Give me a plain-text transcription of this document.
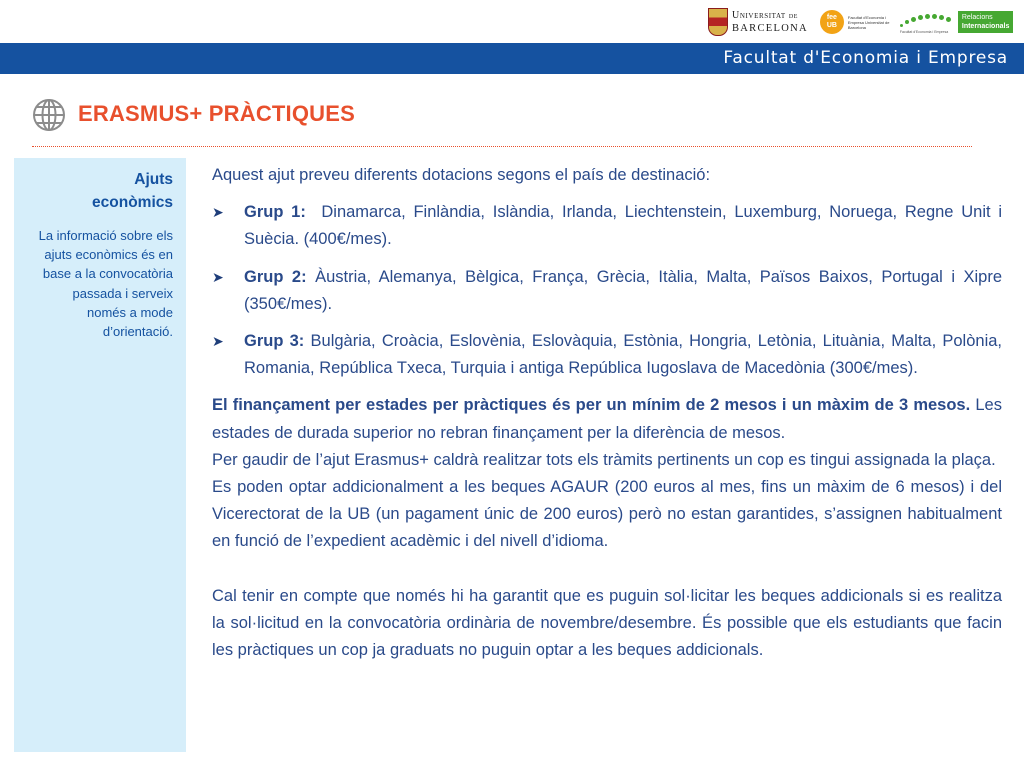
Universitat DE
BARCELONA
fee
UB
Facultat d'Economia i Empresa Universitat de Barcelona
Facultat d'Economia i Empresa
Relacions
Internacionals
Facultat d'Economia i Empresa
ERASMUS+ PRÀCTIQUES
Ajuts
econòmics
La informació sobre els ajuts econòmics és en base a la convocatòria passada i serveix només a mode d’orientació.

Aquest ajut preveu diferents dotacions segons el país de destinació:

➤	Grup 1: Dinamarca, Finlàndia, Islàndia, Irlanda, Liechtenstein, Luxemburg, Noruega, Regne Unit i Suècia. (400€/mes).

➤	Grup 2: Àustria, Alemanya, Bèlgica, França, Grècia, Itàlia, Malta, Països Baixos, Portugal i Xipre (350€/mes).

➤	Grup 3: Bulgària, Croàcia, Eslovènia, Eslovàquia, Estònia, Hongria, Letònia, Lituània, Malta, Polònia, Romania, República Txeca, Turquia i antiga República Iugoslava de Macedònia (300€/mes).

El finançament per estades per pràctiques és per un mínim de 2 mesos i un màxim de 3 mesos. Les estades de durada superior no rebran finançament per la diferència de mesos.

Per gaudir de l’ajut Erasmus+ caldrà realitzar tots els tràmits pertinents un cop es tingui assignada la plaça.

Es poden optar addicionalment a les beques AGAUR (200 euros al mes, fins un màxim de 6 mesos) i del Vicerectorat de la UB (un pagament únic de 200 euros) però no estan garantides, s’assignen habitualment en funció de l’expedient acadèmic i del nivell d’idioma.

Cal tenir en compte que només hi ha garantit que es puguin sol·licitar les beques addicionals si es realitza la sol·licitud en la convocatòria ordinària de novembre/desembre. És possible que els estudiants que facin les pràctiques un cop ja graduats no puguin optar a les beques addicionals.
